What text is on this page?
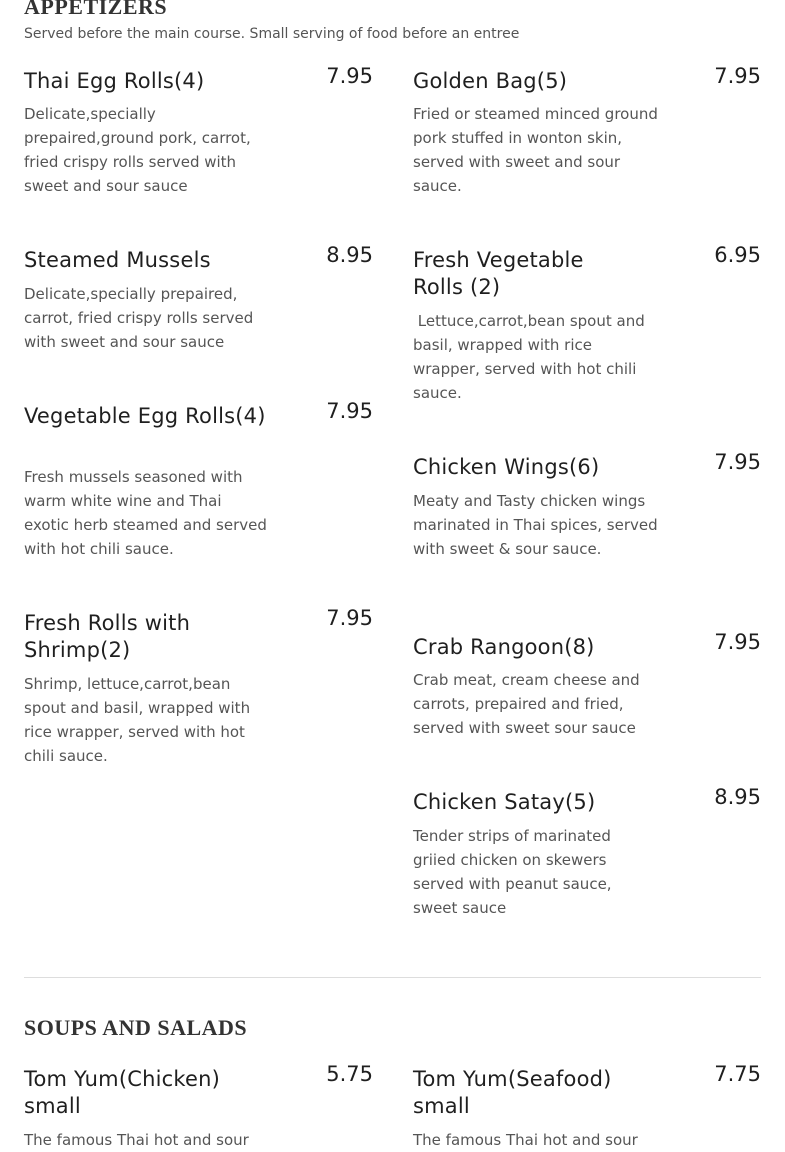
APPETIZERS

Served before the main course. Small serving of food before an entree

Thai Egg Rolls(4)	7.95
Delicate,specially prepaired,ground pork, carrot, fried crispy rolls served with sweet and sour sauce
Steamed Mussels	8.95
Delicate,specially prepaired, carrot, fried crispy rolls served with sweet and sour sauce
Vegetable Egg Rolls(4)	7.95
Fresh mussels seasoned with warm white wine and Thai exotic herb steamed and served with hot chili sauce.
Fresh Rolls with Shrimp(2)
7.95
Shrimp, lettuce,carrot,bean spout and basil, wrapped with rice wrapper, served with hot chili sauce.
Golden Bag(5)	7.95
Fried or steamed minced ground pork stuffed in wonton skin, served with sweet and sour sauce.
Fresh Vegetable Rolls (2)
6.95
Lettuce,carrot,bean spout and basil, wrapped with rice wrapper, served with hot chili sauce.
Chicken Wings(6)	7.95
Meaty and Tasty chicken wings marinated in Thai spices, served with sweet & sour sauce.
Crab Rangoon(8)	7.95
Crab meat, cream cheese and carrots, prepaired and fried, served with sweet sour sauce
Chicken Satay(5)	8.95
Tender strips of marinated griied chicken on skewers served with peanut sauce, sweet sauce
SOUPS AND SALADS
Tom Yum(Chicken) small
5.75
The famous Thai hot and sour
Tom Yum(Seafood) small
7.75
The famous Thai hot and sour
